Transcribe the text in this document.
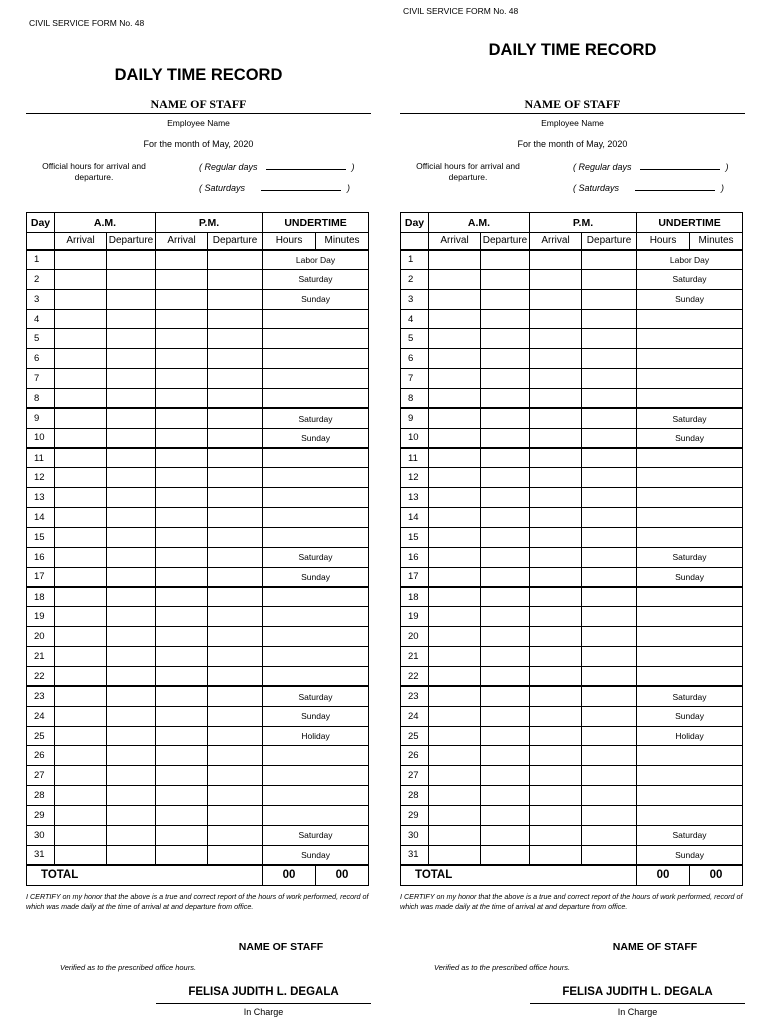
CIVIL SERVICE FORM No. 48
DAILY TIME RECORD
NAME OF STAFF
Employee Name
For the month of May, 2020
Official hours for arrival and departure.
( Regular days	)
( Saturdays	)
Day	A.M.		P.M.		UNDERTIME	
	Arrival	Departure	Arrival	Departure	Hours	Minutes
1					Labor Day	
2					Saturday	
3					Sunday	
4						
5						
6						
7						
8						
9					Saturday	
10					Sunday	
11						
12						
13						
14						
15						
16					Saturday	
17					Sunday	
18						
19						
20						
21						
22						
23					Saturday	
24					Sunday	
25					Holiday	
26						
27						
28						
29						
30					Saturday	
31					Sunday	
TOTAL					00	00
I CERTIFY on my honor that the above is a true and correct report of the hours of work performed, record of which was made daily at the time of arrival at and departure from office.
NAME OF STAFF
Verified as to the prescribed office hours.
FELISA JUDITH L. DEGALA
In Charge
CIVIL SERVICE FORM No. 48
DAILY TIME RECORD
NAME OF STAFF
Employee Name
For the month of May, 2020
Official hours for arrival and departure.
( Regular days	)
( Saturdays	)
Day	A.M.		P.M.		UNDERTIME	
	Arrival	Departure	Arrival	Departure	Hours	Minutes
1					Labor Day	
2					Saturday	
3					Sunday	
4						
5						
6						
7						
8						
9					Saturday	
10					Sunday	
11						
12						
13						
14						
15						
16					Saturday	
17					Sunday	
18						
19						
20						
21						
22						
23					Saturday	
24					Sunday	
25					Holiday	
26						
27						
28						
29						
30					Saturday	
31					Sunday	
TOTAL					00	00
I CERTIFY on my honor that the above is a true and correct report of the hours of work performed, record of which was made daily at the time of arrival at and departure from office.
NAME OF STAFF
Verified as to the prescribed office hours.
FELISA JUDITH L. DEGALA
In Charge
